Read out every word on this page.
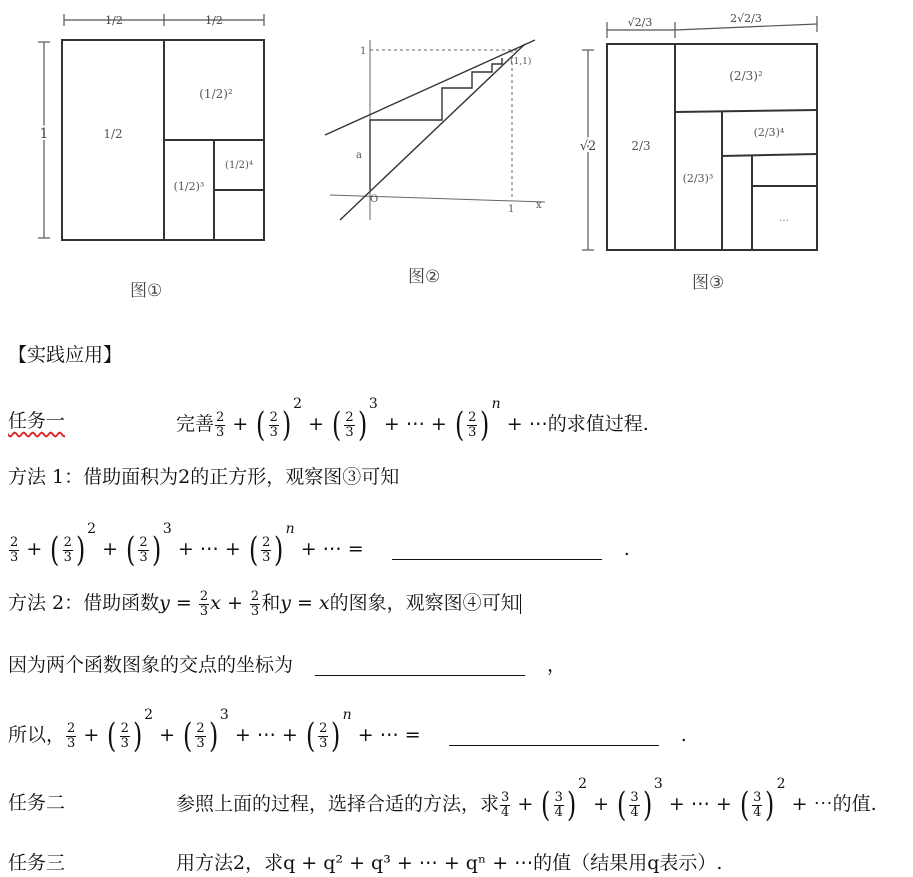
1/2	1/2
1	1/2
(1/2)²
(1/2)³
(1/2)⁴
图①
1
1
O
x
a
(1,1)
图②
√2/3	2√2/3
√2	2/3
(2/3)²
(2/3)³
(2/3)⁴
...
图③
【实践应用】
任务一	完善 $\frac{2}{3}$ + ( $\frac{2}{3} )^2$ + ( $\frac{2}{3} )^3$ + ⋯ + ( $\frac{2}{3} )^n$ + ⋯的求值过程.
方法 1：借助面积为2的正方形，观察图③可知
$\frac{2}{3}$ + ( $\frac{2}{3} )^2$ + ( $\frac{2}{3} )^3$ + ⋯ + ( $\frac{2}{3} )^n$ + ⋯ =	.
方法 2：借助函数$y = \frac{2}{3}$ $x + \frac{2}{3}$ 和y = x的图象，观察图④可知
因为两个函数图象的交点的坐标为	，
所以， $\frac{2}{3}$ + ( $\frac{2}{3} )^2$ + ( $\frac{2}{3} )^3$ + ⋯ + ( $\frac{2}{3} )^n$ + ⋯ =	.
任务二	参照上面的过程，选择合适的方法，求 $\frac{3}{4}$ + ( $\frac{3}{4} )^2$ + ( $\frac{3}{4} )^3$ + ⋯ + ( $\frac{3}{4} )^2$ + ⋯的值.
任务三	用方法2，求q + q² + q³ + ⋯ + qⁿ + ⋯的值（结果用q表示）.
